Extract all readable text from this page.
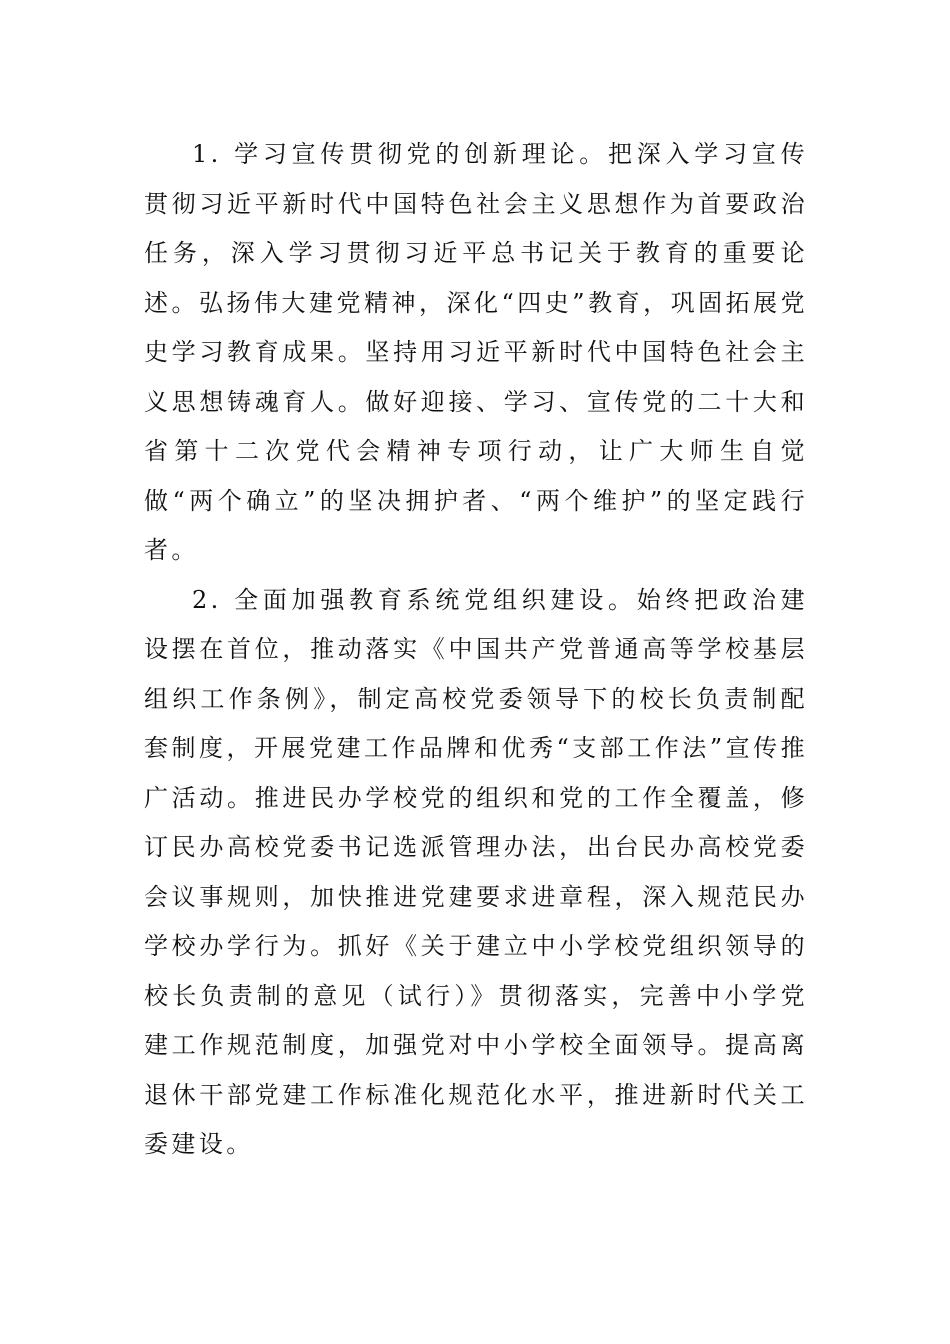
1. 学习宣传贯彻党的创新理论。把深入学习宣传贯彻习近平新时代中国特色社会主义思想作为首要政治任务，深入学习贯彻习近平总书记关于教育的重要论述。弘扬伟大建党精神，深化“四史”教育，巩固拓展党史学习教育成果。坚持用习近平新时代中国特色社会主义思想铸魂育人。做好迎接、学习、宣传党的二十大和省第十二次党代会精神专项行动，让广大师生自觉做“两个确立”的坚决拥护者、“两个维护”的坚定践行者。

2. 全面加强教育系统党组织建设。始终把政治建设摆在首位，推动落实《中国共产党普通高等学校基层组织工作条例》，制定高校党委领导下的校长负责制配套制度，开展党建工作品牌和优秀“支部工作法”宣传推广活动。推进民办学校党的组织和党的工作全覆盖，修订民办高校党委书记选派管理办法，出台民办高校党委会议事规则，加快推进党建要求进章程，深入规范民办学校办学行为。抓好《关于建立中小学校党组织领导的校长负责制的意见（试行）》贯彻落实，完善中小学党建工作规范制度，加强党对中小学校全面领导。提高离退休干部党建工作标准化规范化水平，推进新时代关工委建设。
